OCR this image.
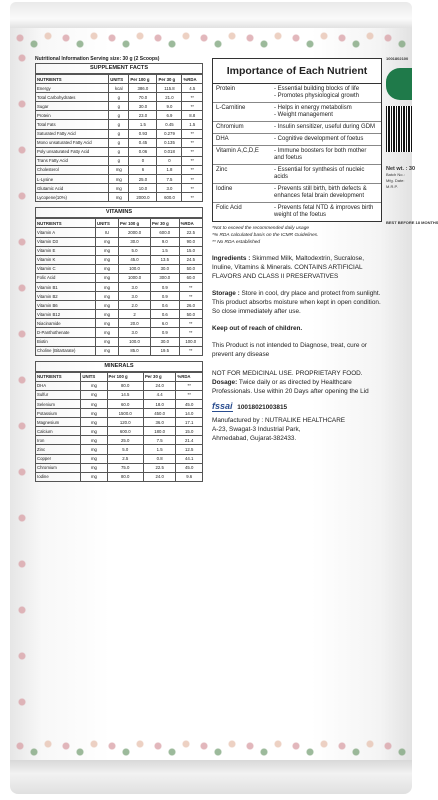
Nutritional Information Serving size: 30 g (2 Scoops)
SUPPLEMENT FACTS
NUTRIENTS	UNITS	Per 100 g	Per 30 g	%RDA
Energy	kcal	386.0	115.8	4.5
Total Carbohydrates	g	70.0	21.0	**
Sugar	g	30.0	9.0	**
Protein	g	23.0	6.9	8.8
Total Fats	g	1.5	0.45	1.5
Saturated Fatty Acid	g	0.93	0.279	**
Mono unsaturated Fatty Acid	g	0.45	0.135	**
Poly unsaturated Fatty Acid	g	0.06	0.018	**
Trans Fatty Acid	g	0	0	**
Cholesterol	mg	6	1.8	**
L-Lysine	mg	25.0	7.5	**
Glutamic Acid	mg	10.0	3.0	**
Lycopene(10%)	mg	2000.0	600.0	**
VITAMINS
NUTRIENTS	UNITS	Per 100 g	Per 30 g	%RDA
Vitamin A	IU	2000.0	600.0	22.5
Vitamin D3	mg	30.0	9.0	90.0
Vitamin E	mg	5.0	1.5	15.0
Vitamin K	mg	45.0	13.5	24.5
Vitamin C	mg	100.0	30.0	50.0
Folic Acid	mg	1000.0	300.0	60.0
Vitamin B1	mg	3.0	0.9	**
Vitamin B2	mg	3.0	0.9	**
Vitamin B6	mg	2.0	0.6	26.0
Vitamin B12	mg	2	0.6	50.0
Niacinamide	mg	20.0	6.0	**
D-Panthothenate	mg	3.0	0.9	**
Biotin	mg	100.0	30.0	100.0
Choline (Bitartarate)	mg	85.0	19.5	**
MINERALS
NUTRIENTS	UNITS	Per 100 g	Per 30 g	%RDA
DHA	mg	80.0	24.0	**
Sulfur	mg	14.5	4.4	**
Selenium	mg	60.0	18.0	45.0
Potassium	mg	1500.0	450.0	14.0
Magnesium	mg	120.0	36.0	17.1
Calcium	mg	600.0	180.0	15.0
Iron	mg	25.0	7.5	21.4
Zinc	mg	5.0	1.5	12.5
Copper	mg	2.5	0.8	44.1
Chromium	mg	75.0	22.5	45.0
Iodine	mg	80.0	24.0	9.6
Importance of Each Nutrient
Protein	- Essential building blocks of life
- Promotes physiological growth
L-Carnitine	- Helps in energy metabolism
- Weight management
Chromium	- Insulin sensitizer, useful during GDM
DHA	- Cognitive development of foetus
Vitamin A,C,D,E	- Immune boosters for both mother and foetus
Zinc	- Essential for synthesis of nucleic acids
Iodine	- Prevents still birth, birth defects & enhances fetal brain development
Folic Acid	- Prevents fetal NTD & improves birth weight of the foetus
*Not to exceed the recommended daily usage
*% RDA calculated basis on the ICMR Guidelines.
** No RDA established
Ingredients : Skimmed Milk, Maltodextrin, Sucralose, Inuline, Vitamins & Minerals. CONTAINS ARTIFICIAL FLAVORS AND CLASS II PRESERVATIVES
Storage : Store in cool, dry place and protect from sunlight. This product absorbs moisture when kept in open condition. So close immediately after use.
Keep out of reach of children.
This Product is not intended to Diagnose, treat, cure or prevent any disease
NOT FOR MEDICINAL USE. PROPRIETARY FOOD.
Dosage: Twice daily or as directed by Healthcare Professionals. Use within 20 Days after opening the Lid
fssai 10018021003815
Manufactured by : NUTRALIKE HEALTHCARE
A-23, Swagat-3 Industrial Park,
Ahmedabad, Gujarat-382433.
1001802100
Net wt. : 30
Batch No.:
Mfg. Date:
M.R.P.
BEST BEFORE 18 MONTHS
